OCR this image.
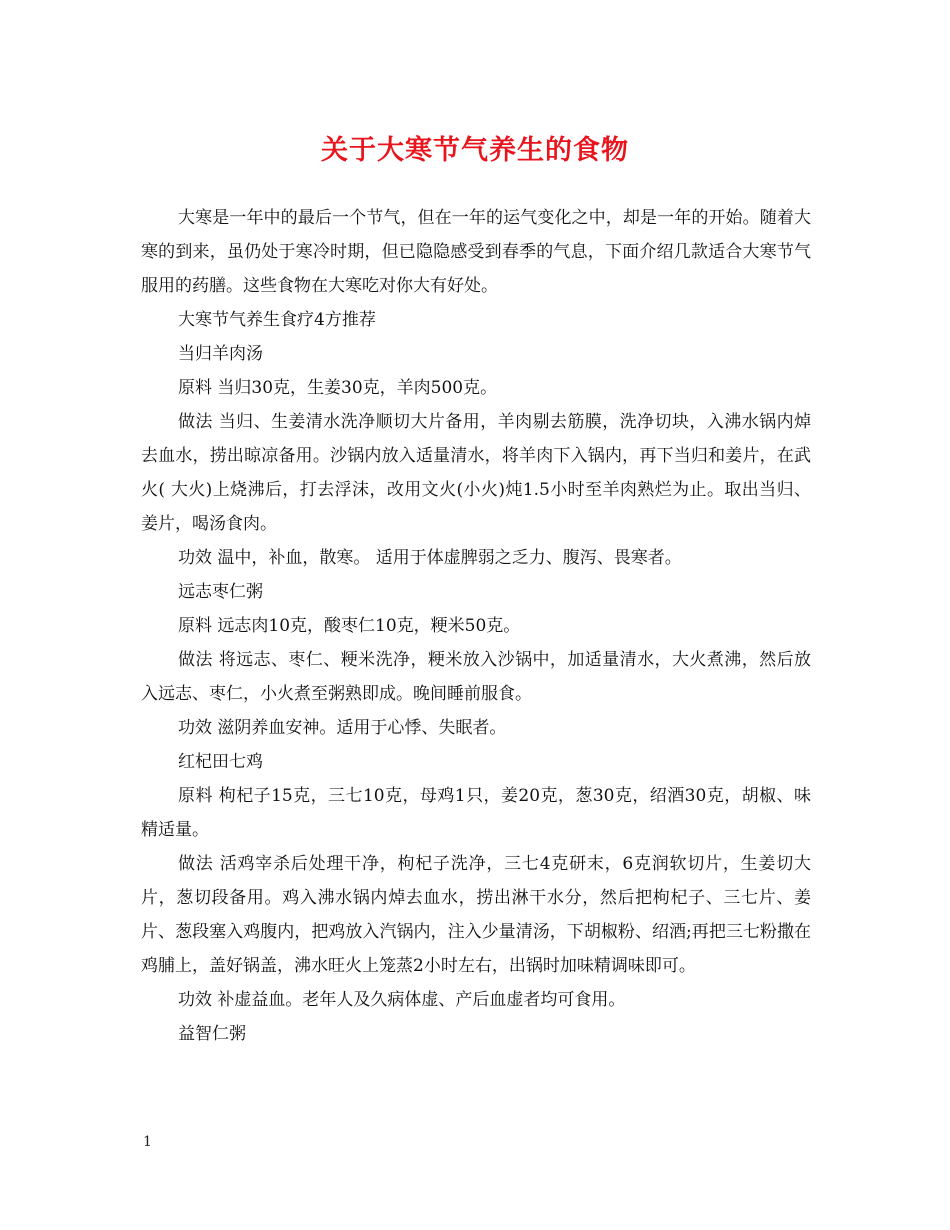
关于大寒节气养生的食物

大寒是一年中的最后一个节气，但在一年的运气变化之中，却是一年的开始。随着大寒的到来，虽仍处于寒冷时期，但已隐隐感受到春季的气息，下面介绍几款适合大寒节气服用的药膳。这些食物在大寒吃对你大有好处。

大寒节气养生食疗4方推荐

当归羊肉汤

原料 当归30克，生姜30克，羊肉500克。

做法 当归、生姜清水洗净顺切大片备用，羊肉剔去筋膜，洗净切块，入沸水锅内焯去血水，捞出晾凉备用。沙锅内放入适量清水，将羊肉下入锅内，再下当归和姜片，在武火( 大火)上烧沸后，打去浮沫，改用文火(小火)炖1.5小时至羊肉熟烂为止。取出当归、姜片，喝汤食肉。

功效 温中，补血，散寒。 适用于体虚脾弱之乏力、腹泻、畏寒者。

远志枣仁粥

原料 远志肉10克，酸枣仁10克，粳米50克。

做法 将远志、枣仁、粳米洗净，粳米放入沙锅中，加适量清水，大火煮沸，然后放入远志、枣仁，小火煮至粥熟即成。晚间睡前服食。

功效 滋阴养血安神。适用于心悸、失眠者。

红杞田七鸡

原料 枸杞子15克，三七10克，母鸡1只，姜20克，葱30克，绍酒30克，胡椒、味精适量。

做法 活鸡宰杀后处理干净，枸杞子洗净，三七4克研末，6克润软切片，生姜切大片，葱切段备用。鸡入沸水锅内焯去血水，捞出淋干水分，然后把枸杞子、三七片、姜片、葱段塞入鸡腹内，把鸡放入汽锅内，注入少量清汤，下胡椒粉、绍酒;再把三七粉撒在鸡脯上，盖好锅盖，沸水旺火上笼蒸2小时左右，出锅时加味精调味即可。

功效 补虚益血。老年人及久病体虚、产后血虚者均可食用。

益智仁粥

1
